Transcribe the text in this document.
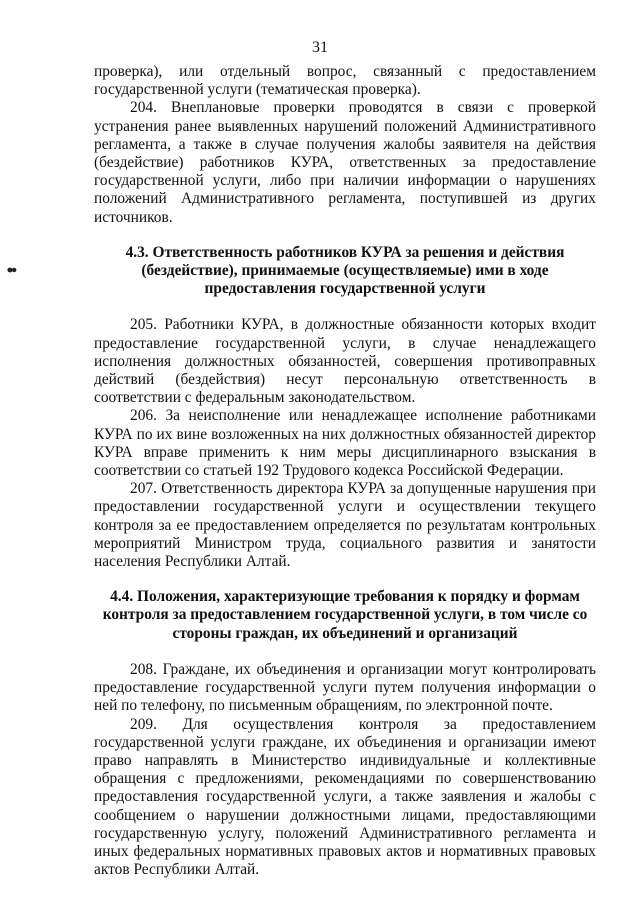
31

проверка), или отдельный вопрос, связанный с предоставлением государственной услуги (тематическая проверка).

204. Внеплановые проверки проводятся в связи с проверкой устранения ранее выявленных нарушений положений Административного регламента, а также в случае получения жалобы заявителя на действия (бездействие) работников КУРА, ответственных за предоставление государственной услуги, либо при наличии информации о нарушениях положений Административного регламента, поступившей из других источников.

4.3. Ответственность работников КУРА за решения и действия

(бездействие), принимаемые (осуществляемые) ими в ходе

предоставления государственной услуги

205. Работники КУРА, в должностные обязанности которых входит предоставление государственной услуги, в случае ненадлежащего исполнения должностных обязанностей, совершения противоправных действий (бездействия) несут персональную ответственность в соответствии с федеральным законодательством.

206. За неисполнение или ненадлежащее исполнение работниками КУРА по их вине возложенных на них должностных обязанностей директор КУРА вправе применить к ним меры дисциплинарного взыскания в соответствии со статьей 192 Трудового кодекса Российской Федерации.

207. Ответственность директора КУРА за допущенные нарушения при предоставлении государственной услуги и осуществлении текущего контроля за ее предоставлением определяется по результатам контрольных мероприятий Министром труда, социального развития и занятости населения Республики Алтай.

4.4. Положения, характеризующие требования к порядку и формам

контроля за предоставлением государственной услуги, в том числе со

стороны граждан, их объединений и организаций

208. Граждане, их объединения и организации могут контролировать предоставление государственной услуги путем получения информации о ней по телефону, по письменным обращениям, по электронной почте.

209. Для осуществления контроля за предоставлением государственной услуги граждане, их объединения и организации имеют право направлять в Министерство индивидуальные и коллективные обращения с предложениями, рекомендациями по совершенствованию предоставления государственной услуги, а также заявления и жалобы с сообщением о нарушении должностными лицами, предоставляющими государственную услугу, положений Административного регламента и иных федеральных нормативных правовых актов и нормативных правовых актов Республики Алтай.
